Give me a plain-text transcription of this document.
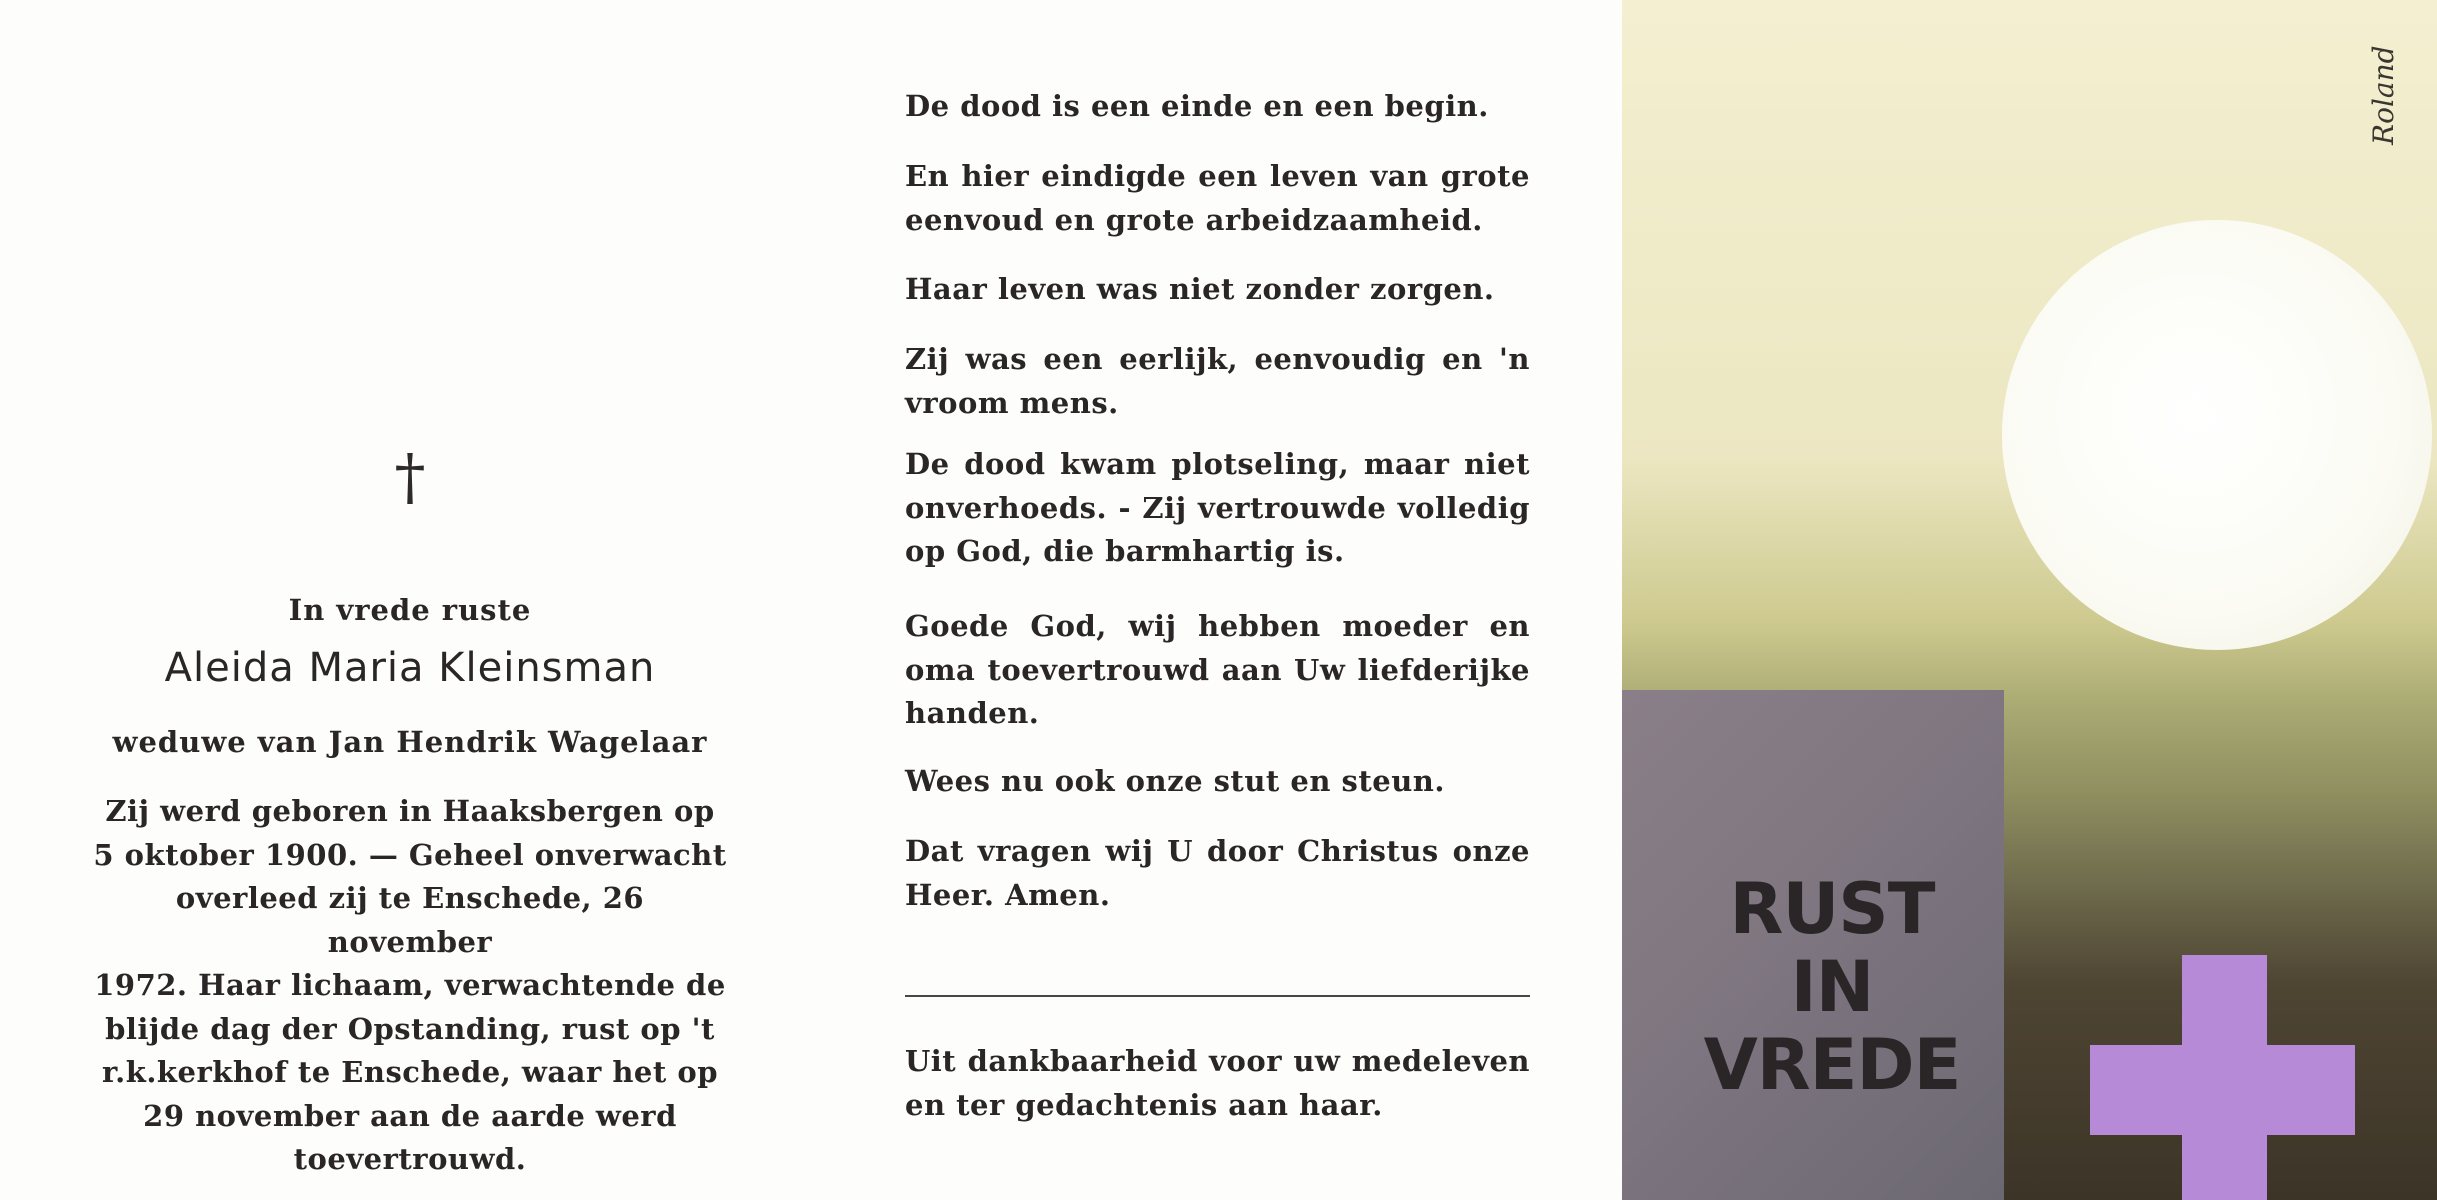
†
In vrede ruste
Aleida Maria Kleinsman
weduwe van Jan Hendrik Wagelaar
Zij werd geboren in Haaksbergen op
5 oktober 1900. — Geheel onverwacht
overleed zij te Enschede, 26 november
1972. Haar lichaam, verwachtende de
blijde dag der Opstanding, rust op 't
r.k.kerkhof te Enschede, waar het op
29 november aan de aarde werd
toevertrouwd.
De dood is een einde en een begin.
En hier eindigde een leven van grote eenvoud en grote arbeidzaamheid.
Haar leven was niet zonder zorgen.
Zij was een eerlijk, eenvoudig en 'n vroom mens.
De dood kwam plotseling, maar niet onverhoeds. - Zij vertrouwde volledig op God, die barmhartig is.
Goede God, wij hebben moeder en oma toevertrouwd aan Uw liefderijke handen.
Wees nu ook onze stut en steun.
Dat vragen wij U door Christus onze Heer. Amen.
Uit dankbaarheid voor uw medeleven en ter gedachtenis aan haar.
Roland
RUST
IN
VREDE
